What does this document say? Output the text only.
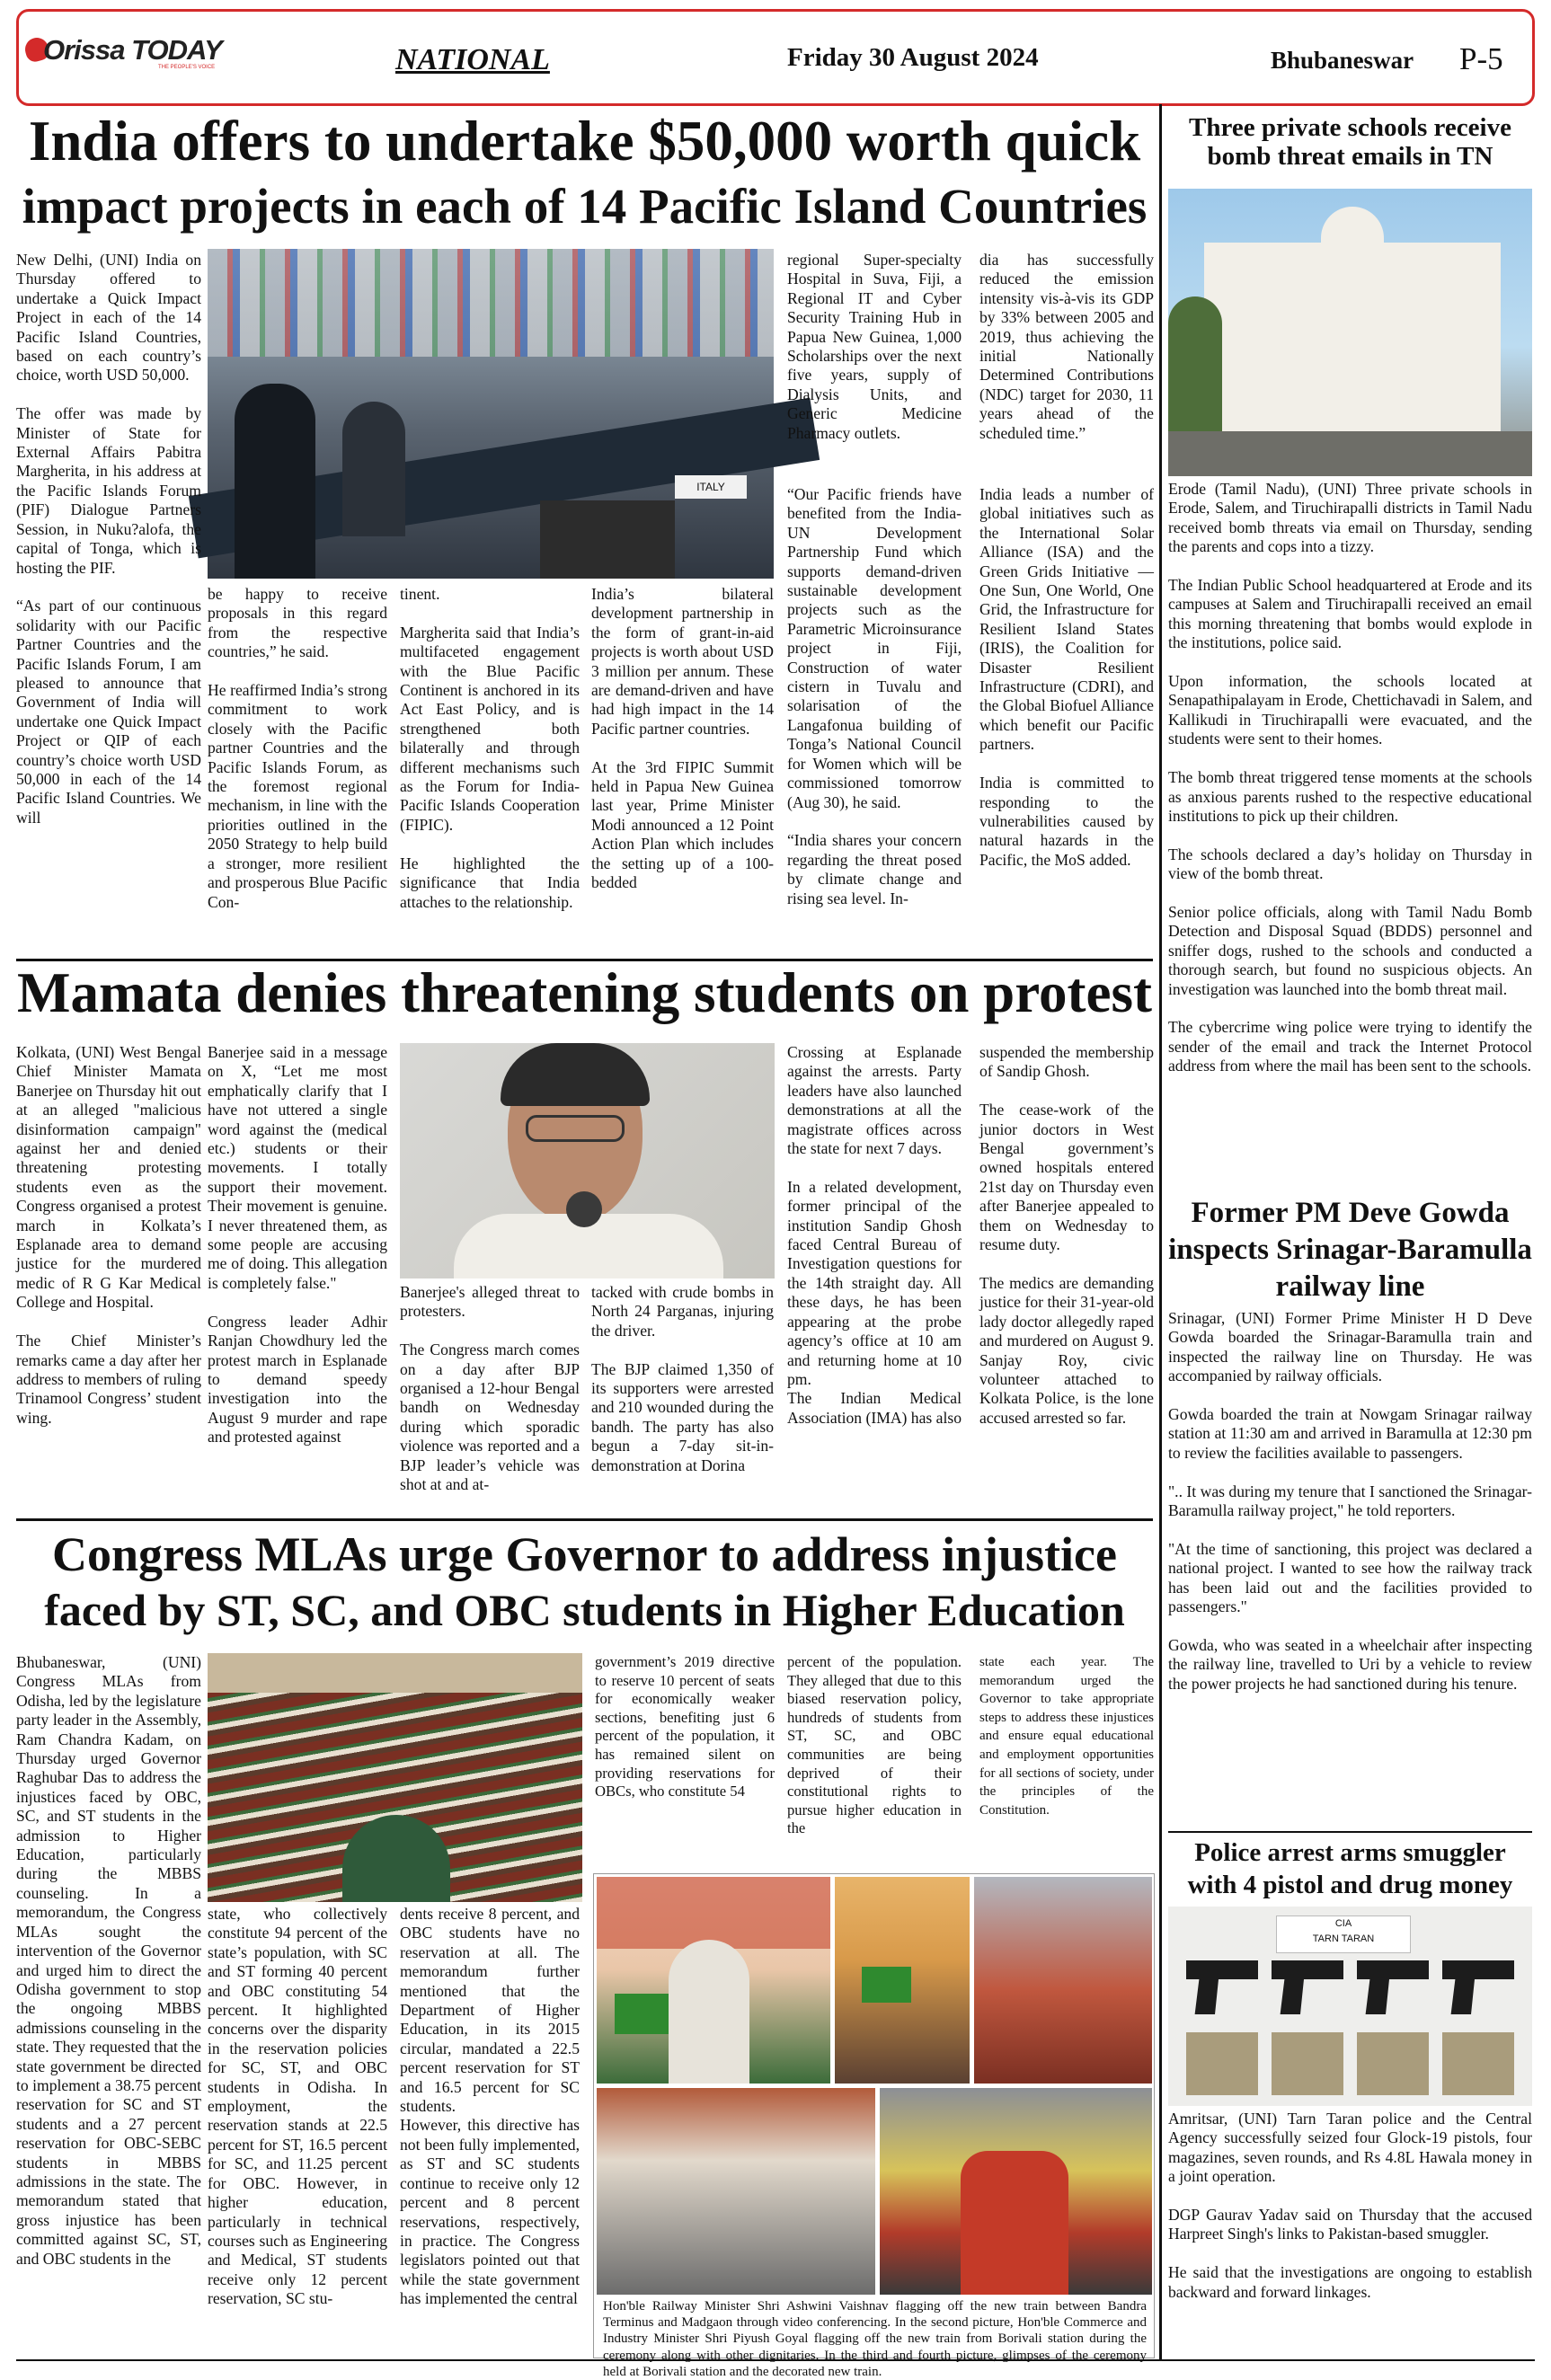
Orissa TODAY
THE PEOPLE'S VOICE	NATIONAL	Friday 30 August 2024	Bhubaneswar P-5
India offers to undertake $50,000 worth quick
impact projects in each of 14 Pacific Island Countries
ITALY
New Delhi, (UNI) India on Thursday offered to undertake a Quick Impact Project in each of the 14 Pacific Island Countries, based on each country’s choice, worth USD 50,000.

The offer was made by Minister of State for External Affairs Pabitra Margherita, in his address at the Pacific Islands Forum (PIF) Dialogue Partners Session, in Nuku?alofa, the capital of Tonga, which is hosting the PIF.

“As part of our continuous solidarity with our Pacific Partner Countries and the Pacific Islands Forum, I am pleased to announce that Government of India will undertake one Quick Impact Project or QIP of each country’s choice worth USD 50,000 in each of the 14 Pacific Island Countries. We will
be happy to receive proposals in this regard from the respective countries,” he said.

He reaffirmed India’s strong commitment to work closely with the Pacific partner Countries and the Pacific Islands Forum, as the foremost regional mechanism, in line with the priorities outlined in the 2050 Strategy to help build a stronger, more resilient and prosperous Blue Pacific Con-
tinent.

Margherita said that India’s multifaceted engagement with the Blue Pacific Continent is anchored in its Act East Policy, and is strengthened both bilaterally and through different mechanisms such as the Forum for India-Pacific Islands Cooperation (FIPIC).

He highlighted the significance that India attaches to the relationship.
India’s bilateral development partnership in the form of grant-in-aid projects is worth about USD 3 million per annum. These are demand-driven and have had high impact in the 14 Pacific partner countries.

At the 3rd FIPIC Summit held in Papua New Guinea last year, Prime Minister Modi announced a 12 Point Action Plan which includes the setting up of a 100-bedded
regional Super-specialty Hospital in Suva, Fiji, a Regional IT and Cyber Security Training Hub in Papua New Guinea, 1,000 Scholarships over the next five years, supply of Dialysis Units, and Generic Medicine Pharmacy outlets.
“Our Pacific friends have benefited from the India-UN Development Partnership Fund which supports demand-driven sustainable development projects such as the Parametric Microinsurance project in Fiji, Construction of water cistern in Tuvalu and solarisation of the Langafonua building of Tonga’s National Council for Women which will be commissioned tomorrow (Aug 30), he said.

“India shares your concern regarding the threat posed by climate change and rising sea level. In-
dia has successfully reduced the emission intensity vis-à-vis its GDP by 33% between 2005 and 2019, thus achieving the initial Nationally Determined Contributions (NDC) target for 2030, 11 years ahead of the scheduled time.”
India leads a number of global initiatives such as the International Solar Alliance (ISA) and the Green Grids Initiative — One Sun, One World, One Grid, the Infrastructure for Resilient Island States (IRIS), the Coalition for Disaster Resilient Infrastructure (CDRI), and the Global Biofuel Alliance which benefit our Pacific partners.

India is committed to responding to the vulnerabilities caused by natural hazards in the Pacific, the MoS added.
Mamata denies threatening students on protest
Kolkata, (UNI) West Bengal Chief Minister Mamata Banerjee on Thursday hit out at an alleged "malicious disinformation campaign" against her and denied threatening protesting students even as the Congress organised a protest march in Kolkata’s Esplanade area to demand justice for the murdered medic of R G Kar Medical College and Hospital.

The Chief Minister’s remarks came a day after her address to members of ruling Trinamool Congress’ student wing.
Banerjee said in a message on X, “Let me most emphatically clarify that I have not uttered a single word against the (medical etc.) students or their movements. I totally support their movement. Their movement is genuine. I never threatened them, as some people are accusing me of doing. This allegation is completely false."

Congress leader Adhir Ranjan Chowdhury led the protest march in Esplanade to demand speedy investigation into the August 9 murder and rape and protested against
Banerjee's alleged threat to protesters.

The Congress march comes on a day after BJP organised a 12-hour Bengal bandh on Wednesday during which sporadic violence was reported and a BJP leader’s vehicle was shot at and at-
tacked with crude bombs in North 24 Parganas, injuring the driver.

The BJP claimed 1,350 of its supporters were arrested and 210 wounded during the bandh. The party has also begun a 7-day sit-in-demonstration at Dorina
Crossing at Esplanade against the arrests. Party leaders have also launched demonstrations at all the magistrate offices across the state for next 7 days.

In a related development, former principal of the institution Sandip Ghosh faced Central Bureau of Investigation questions for the 14th straight day. All these days, he has been appearing at the probe agency’s office at 10 am and returning home at 10 pm.
The Indian Medical Association (IMA) has also
suspended the membership of Sandip Ghosh.

The cease-work of the junior doctors in West Bengal government’s owned hospitals entered 21st day on Thursday even after Banerjee appealed to them on Wednesday to resume duty.

The medics are demanding justice for their 31-year-old lady doctor allegedly raped and murdered on August 9. Sanjay Roy, civic volunteer attached to Kolkata Police, is the lone accused arrested so far.
Congress MLAs urge Governor to address injustice
faced by ST, SC, and OBC students in Higher Education
Bhubaneswar, (UNI) Congress MLAs from Odisha, led by the legislature party leader in the Assembly, Ram Chandra Kadam, on Thursday urged Governor Raghubar Das to address the injustices faced by OBC, SC, and ST students in the admission to Higher Education, particularly during the MBBS counseling. In a memorandum, the Congress MLAs sought the intervention of the Governor and urged him to direct the Odisha government to stop the ongoing MBBS admissions counseling in the state. They requested that the state government be directed to implement a 38.75 percent reservation for SC and ST students and a 27 percent reservation for OBC-SEBC students in MBBS admissions in the state. The memorandum stated that gross injustice has been committed against SC, ST, and OBC students in the
state, who collectively constitute 94 percent of the state’s population, with SC and ST forming 40 percent and OBC constituting 54 percent. It highlighted concerns over the disparity in the reservation policies for SC, ST, and OBC students in Odisha. In employment, the reservation stands at 22.5 percent for ST, 16.5 percent for SC, and 11.25 percent for OBC. However, in higher education, particularly in technical courses such as Engineering and Medical, ST students receive only 12 percent reservation, SC stu-
dents receive 8 percent, and OBC students have no reservation at all. The memorandum further mentioned that the Department of Higher Education, in its 2015 circular, mandated a 22.5 percent reservation for ST and 16.5 percent for SC students.
However, this directive has not been fully implemented, as ST and SC students continue to receive only 12 percent and 8 percent reservations, respectively, in practice. The Congress legislators pointed out that while the state government has implemented the central
government’s 2019 directive to reserve 10 percent of seats for economically weaker sections, benefiting just 6 percent of the population, it has remained silent on providing reservations for OBCs, who constitute 54
percent of the population. They alleged that due to this biased reservation policy, hundreds of students from ST, SC, and OBC communities are being deprived of their constitutional rights to pursue higher education in the
state each year. The memorandum urged the Governor to take appropriate steps to address these injustices and ensure equal educational and employment opportunities for all sections of society, under the principles of the Constitution.
Hon'ble Railway Minister Shri Ashwini Vaishnav flagging off the new train between Bandra Terminus and Madgaon through video conferencing. In the second picture, Hon'ble Commerce and Industry Minister Shri Piyush Goyal flagging off the new train from Borivali station during the ceremony along with other dignitaries. In the third and fourth picture, glimpses of the ceremony held at Borivali station and the decorated new train.
Three private schools receive bomb threat emails in TN
Erode (Tamil Nadu), (UNI) Three private schools in Erode, Salem, and Tiruchirapalli districts in Tamil Nadu received bomb threats via email on Thursday, sending the parents and cops into a tizzy.

The Indian Public School headquartered at Erode and its campuses at Salem and Tiruchirapalli received an email this morning threatening that bombs would explode in the institutions, police said.

Upon information, the schools located at Senapathipalayam in Erode, Chettichavadi in Salem, and Kallikudi in Tiruchirapalli were evacuated, and the students were sent to their homes.

The bomb threat triggered tense moments at the schools as anxious parents rushed to the respective educational institutions to pick up their children.

The schools declared a day’s holiday on Thursday in view of the bomb threat.

Senior police officials, along with Tamil Nadu Bomb Detection and Disposal Squad (BDDS) personnel and sniffer dogs, rushed to the schools and conducted a thorough search, but found no suspicious objects. An investigation was launched into the bomb threat mail.

The cybercrime wing police were trying to identify the sender of the email and track the Internet Protocol address from where the mail has been sent to the schools.
Former PM Deve Gowda inspects Srinagar-Baramulla railway line
Srinagar, (UNI) Former Prime Minister H D Deve Gowda boarded the Srinagar-Baramulla train and inspected the railway line on Thursday. He was accompanied by railway officials.

Gowda boarded the train at Nowgam Srinagar railway station at 11:30 am and arrived in Baramulla at 12:30 pm to review the facilities available to passengers.

".. It was during my tenure that I sanctioned the Srinagar-Baramulla railway project," he told reporters.

"At the time of sanctioning, this project was declared a national project. I wanted to see how the railway track has been laid out and the facilities provided to passengers."

Gowda, who was seated in a wheelchair after inspecting the railway line, travelled to Uri by a vehicle to review the power projects he had sanctioned during his tenure.
Police arrest arms smuggler with 4 pistol and drug money
CIA
TARN TARAN
Amritsar, (UNI) Tarn Taran police and the Central Agency successfully seized four Glock-19 pistols, four magazines, seven rounds, and Rs 4.8L Hawala money in a joint operation.

DGP Gaurav Yadav said on Thursday that the accused Harpreet Singh's links to Pakistan-based smuggler.

He said that the investigations are ongoing to establish backward and forward linkages.
